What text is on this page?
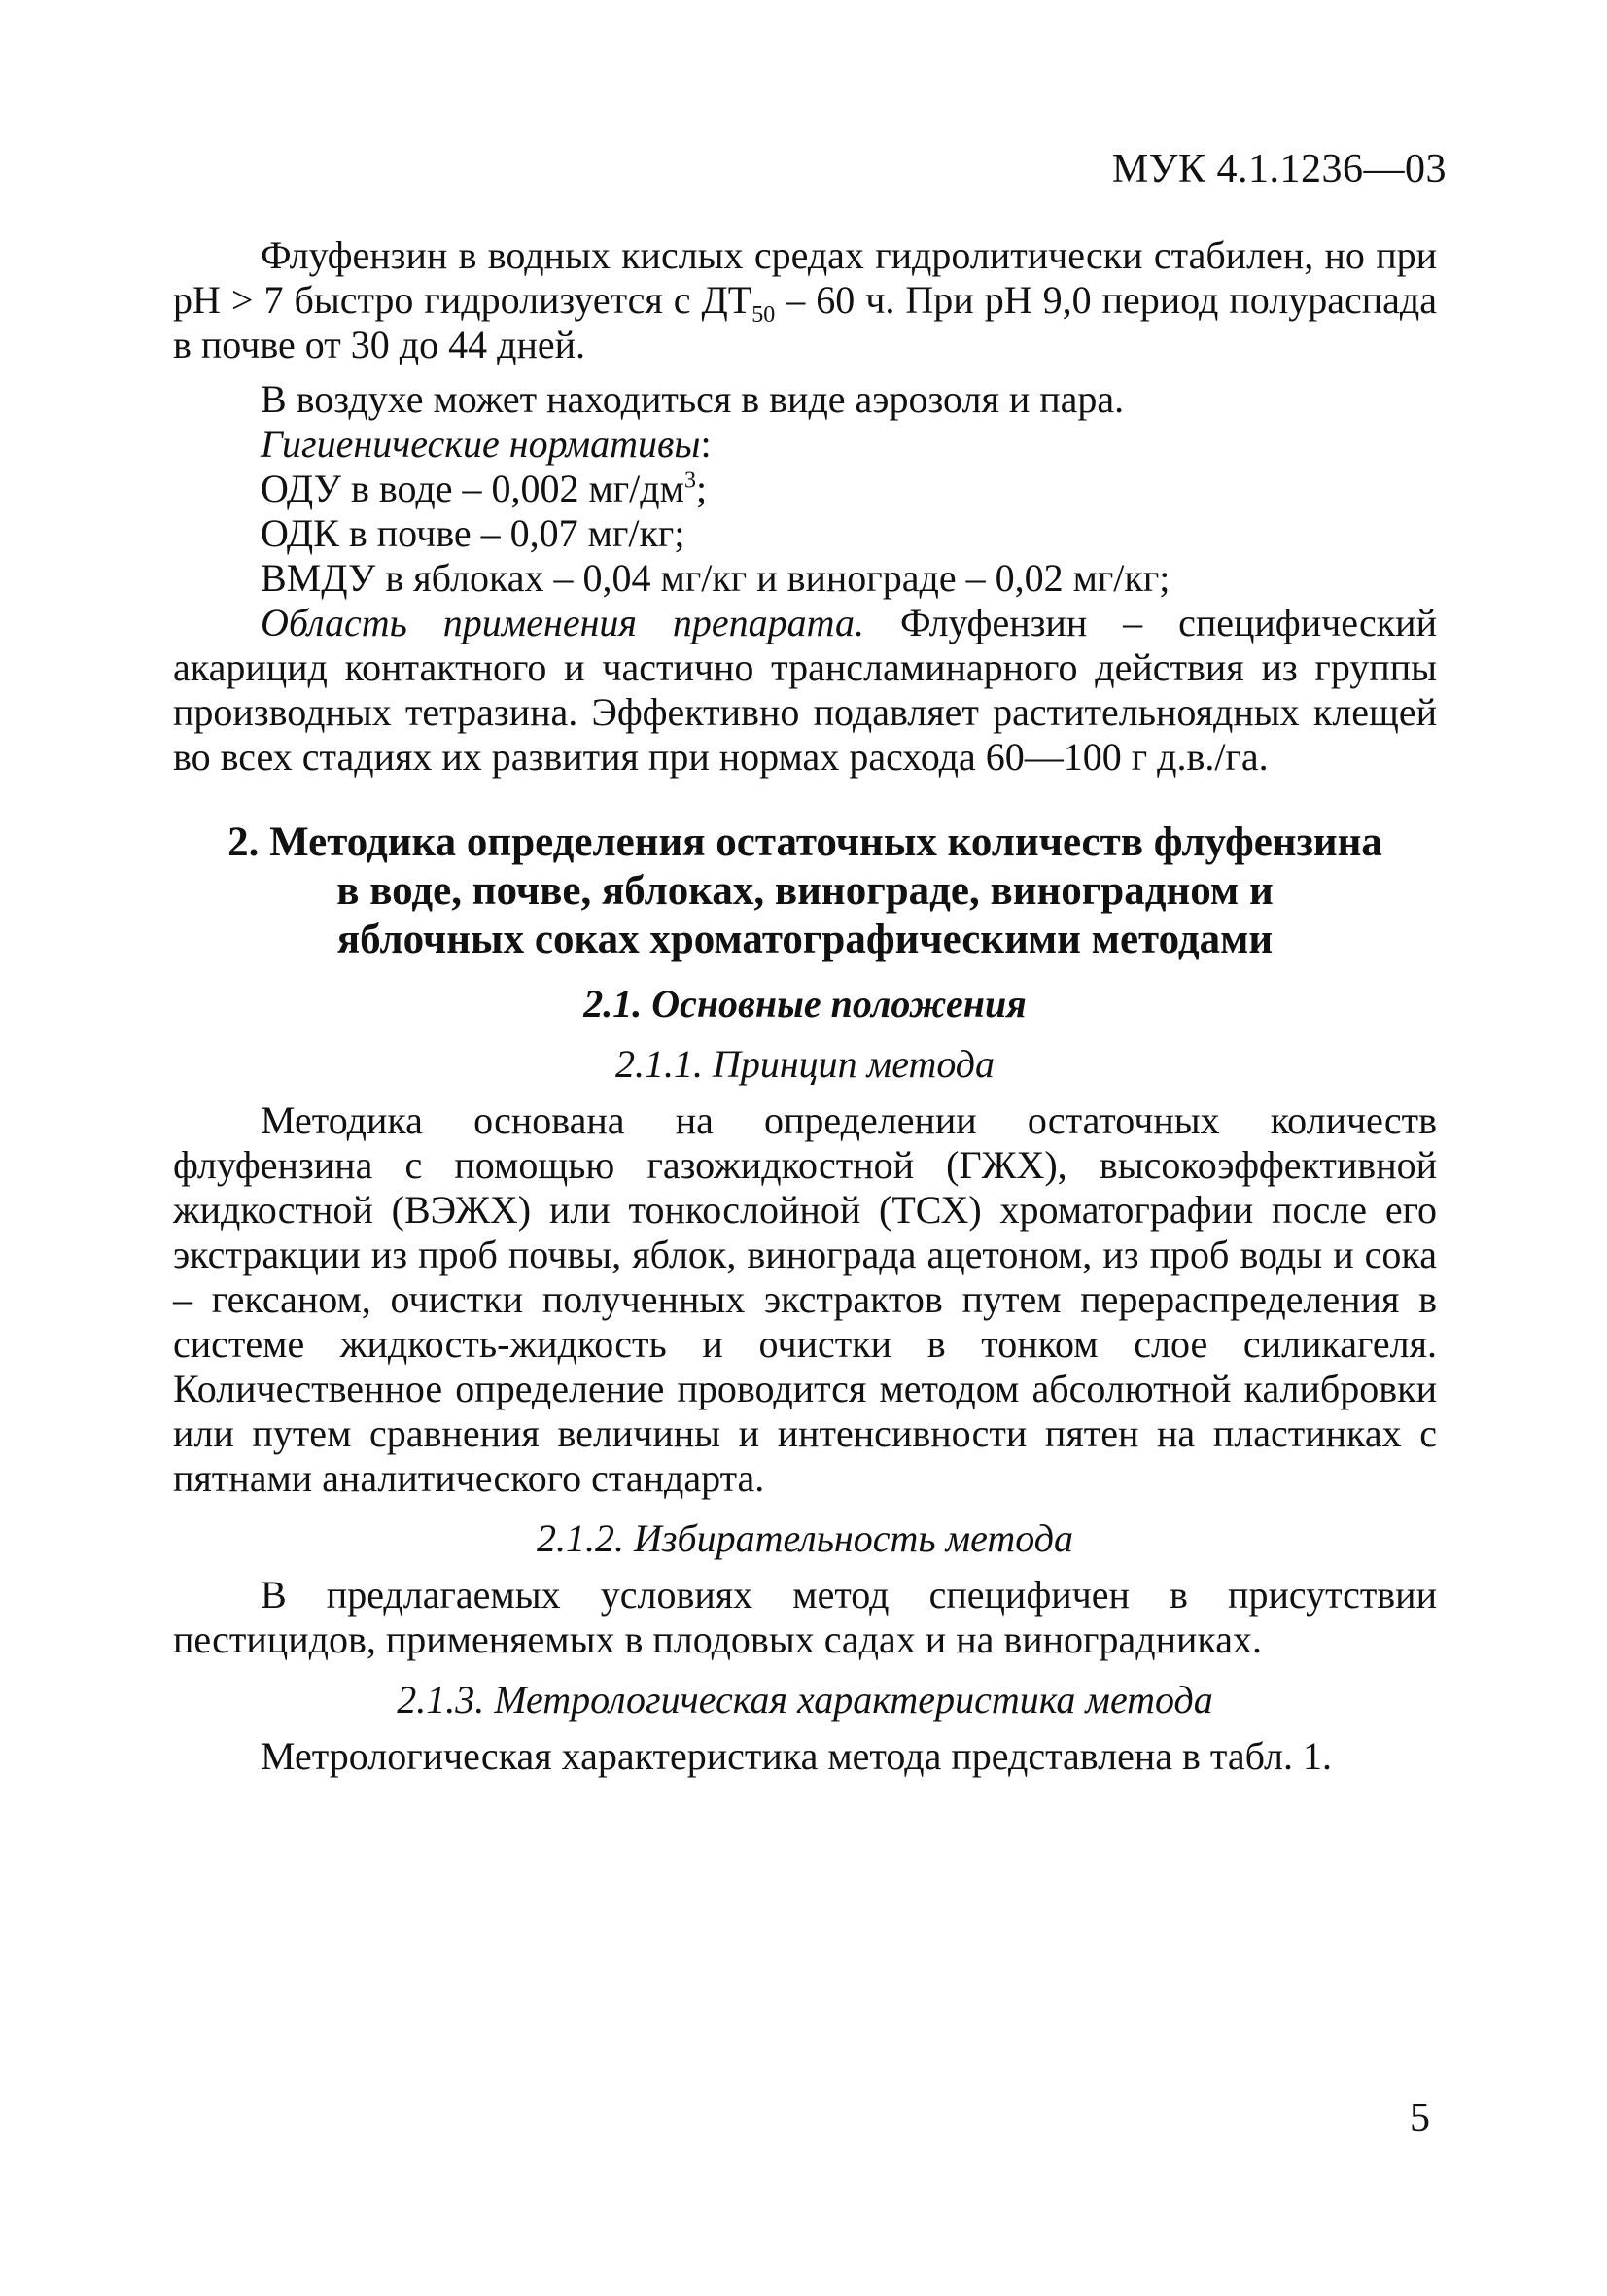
МУК 4.1.1236—03

Флуфензин в водных кислых средах гидролитически стабилен, но при рН > 7 быстро гидролизуется с $ДТ_{50} - 60$ ч. При рН 9,0 период полураспада в почве от 30 до 44 дней.

В воздухе может находиться в виде аэрозоля и пара.

Гигиенические нормативы:

ОДУ в воде – 0,002 $мг/дм^3$;

ОДК в почве – 0,07 мг/кг;

ВМДУ в яблоках – 0,04 мг/кг и винограде – 0,02 мг/кг;

Область применения препарата. Флуфензин – специфический акарицид контактного и частично трансламинарного действия из группы производных тетразина. Эффективно подавляет растительноядных клещей во всех стадиях их развития при нормах расхода 60—100 г д.в./га.

2. Методика определения остаточных количеств флуфензина
в воде, почве, яблоках, винограде, виноградном и
яблочных соках хроматографическими методами

2.1. Основные положения

2.1.1. Принцип метода

Методика основана на определении остаточных количеств флуфензина с помощью газожидкостной (ГЖХ), высокоэффективной жидкостной (ВЭЖХ) или тонкослойной (ТСХ) хроматографии после его экстракции из проб почвы, яблок, винограда ацетоном, из проб воды и сока – гексаном, очистки полученных экстрактов путем перераспределения в системе жидкость-жидкость и очистки в тонком слое силикагеля. Количественное определение проводится методом абсолютной калибровки или путем сравнения величины и интенсивности пятен на пластинках с пятнами аналитического стандарта.

2.1.2. Избирательность метода

В предлагаемых условиях метод специфичен в присутствии пестицидов, применяемых в плодовых садах и на виноградниках.

2.1.3. Метрологическая характеристика метода

Метрологическая характеристика метода представлена в табл. 1.

5
